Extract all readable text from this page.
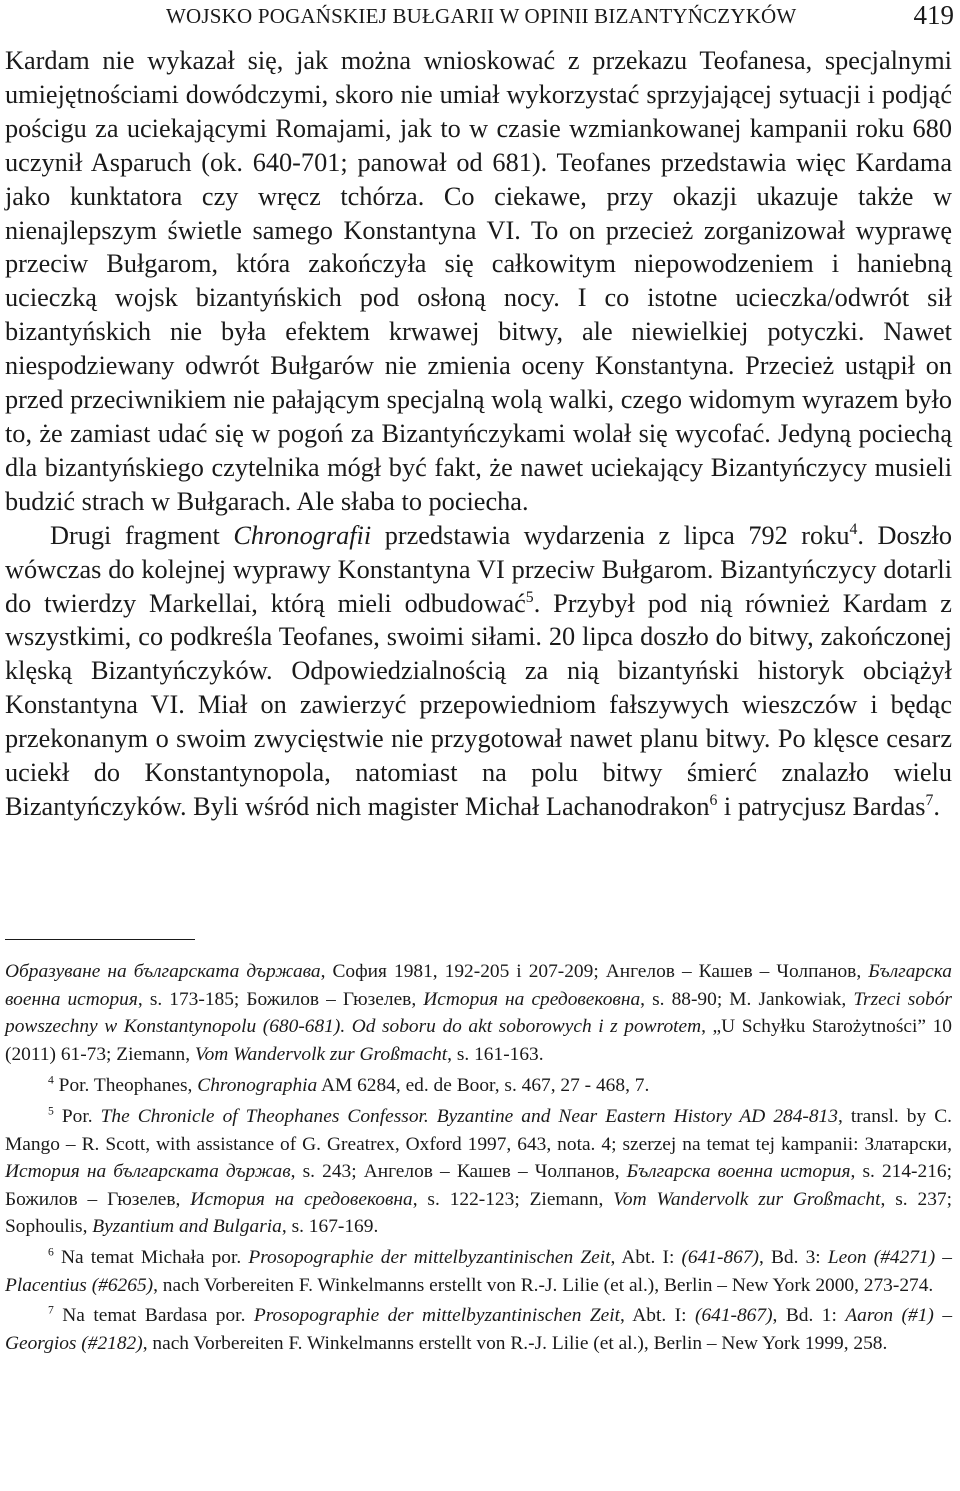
WOJSKO POGAŃSKIEJ BUŁGARII W OPINII BIZANTYŃCZYKÓW	419

Kardam nie wykazał się, jak można wnioskować z przekazu Teofanesa, specjalnymi umiejętnościami dowódczymi, skoro nie umiał wykorzystać sprzyjającej sytuacji i podjąć pościgu za uciekającymi Romajami, jak to w czasie wzmiankowanej kampanii roku 680 uczynił Asparuch (ok. 640-701; panował od 681). Teofanes przedstawia więc Kardama jako kunktatora czy wręcz tchórza. Co ciekawe, przy okazji ukazuje także w nienajlepszym świetle samego Konstantyna VI. To on przecież zorganizował wyprawę przeciw Bułgarom, która zakończyła się całkowitym niepowodzeniem i haniebną ucieczką wojsk bizantyńskich pod osłoną nocy. I co istotne ucieczka/odwrót sił bizantyńskich nie była efektem krwawej bitwy, ale niewielkiej potyczki. Nawet niespodziewany odwrót Bułgarów nie zmienia oceny Konstantyna. Przecież ustąpił on przed przeciwnikiem nie pałającym specjalną wolą walki, czego widomym wyrazem było to, że zamiast udać się w pogoń za Bizantyńczykami wolał się wycofać. Jedyną pociechą dla bizantyńskiego czytelnika mógł być fakt, że nawet uciekający Bizantyńczycy musieli budzić strach w Bułgarach. Ale słaba to pociecha.

Drugi fragment Chronografii przedstawia wydarzenia z lipca 792 roku$^4$. Doszło wówczas do kolejnej wyprawy Konstantyna VI przeciw Bułgarom. Bizantyńczycy dotarli do twierdzy Markellai, którą mieli odbudować$^5$. Przybył pod nią również Kardam z wszystkimi, co podkreśla Teofanes, swoimi siłami. 20 lipca doszło do bitwy, zakończonej klęską Bizantyńczyków. Odpowiedzialnością za nią bizantyński historyk obciążył Konstantyna VI. Miał on zawierzyć przepowiedniom fałszywych wieszczów i będąc przekonanym o swoim zwycięstwie nie przygotował nawet planu bitwy. Po klęsce cesarz uciekł do Konstantynopola, natomiast na polu bitwy śmierć znalazło wielu Bizantyńczyków. Byli wśród nich magister Michał Lachanodrakon$^6$ i patrycjusz Bardas$^7$.

Образуване на българската държава, София 1981, 192-205 i 207-209; Ангелов – Кашев – Чолпанов, Българска военна история, s. 173-185; Божилов – Гюзелев, История на средовековна, s. 88-90; M. Jankowiak, Trzeci sobór powszechny w Konstantynopolu (680-681). Od soboru do akt soborowych i z powrotem, „U Schyłku Starożytności” 10 (2011) 61-73; Ziemann, Vom Wandervolk zur Großmacht, s. 161-163.

$^4$ Por. Theophanes, Chronographia AM 6284, ed. de Boor, s. 467, 27 - 468, 7.

$^5$ Por. The Chronicle of Theophanes Confessor. Byzantine and Near Eastern History AD 284-813, transl. by C. Mango – R. Scott, with assistance of G. Greatrex, Oxford 1997, 643, nota. 4; szerzej na temat tej kampanii: Златарски, История на българската държав, s. 243; Ангелов – Кашев – Чолпанов, Българска военна история, s. 214-216; Божилов – Гюзелев, История на средовековна, s. 122-123; Ziemann, Vom Wandervolk zur Großmacht, s. 237; Sophoulis, Byzantium and Bulgaria, s. 167-169.

$^6$ Na temat Michała por. Prosopographie der mittelbyzantinischen Zeit, Abt. I: (641-867), Bd. 3: Leon (#4271) – Placentius (#6265), nach Vorbereiten F. Winkelmanns erstellt von R.-J. Lilie (et al.), Berlin – New York 2000, 273-274.

$^7$ Na temat Bardasa por. Prosopographie der mittelbyzantinischen Zeit, Abt. I: (641-867), Bd. 1: Aaron (#1) – Georgios (#2182), nach Vorbereiten F. Winkelmanns erstellt von R.-J. Lilie (et al.), Berlin – New York 1999, 258.
